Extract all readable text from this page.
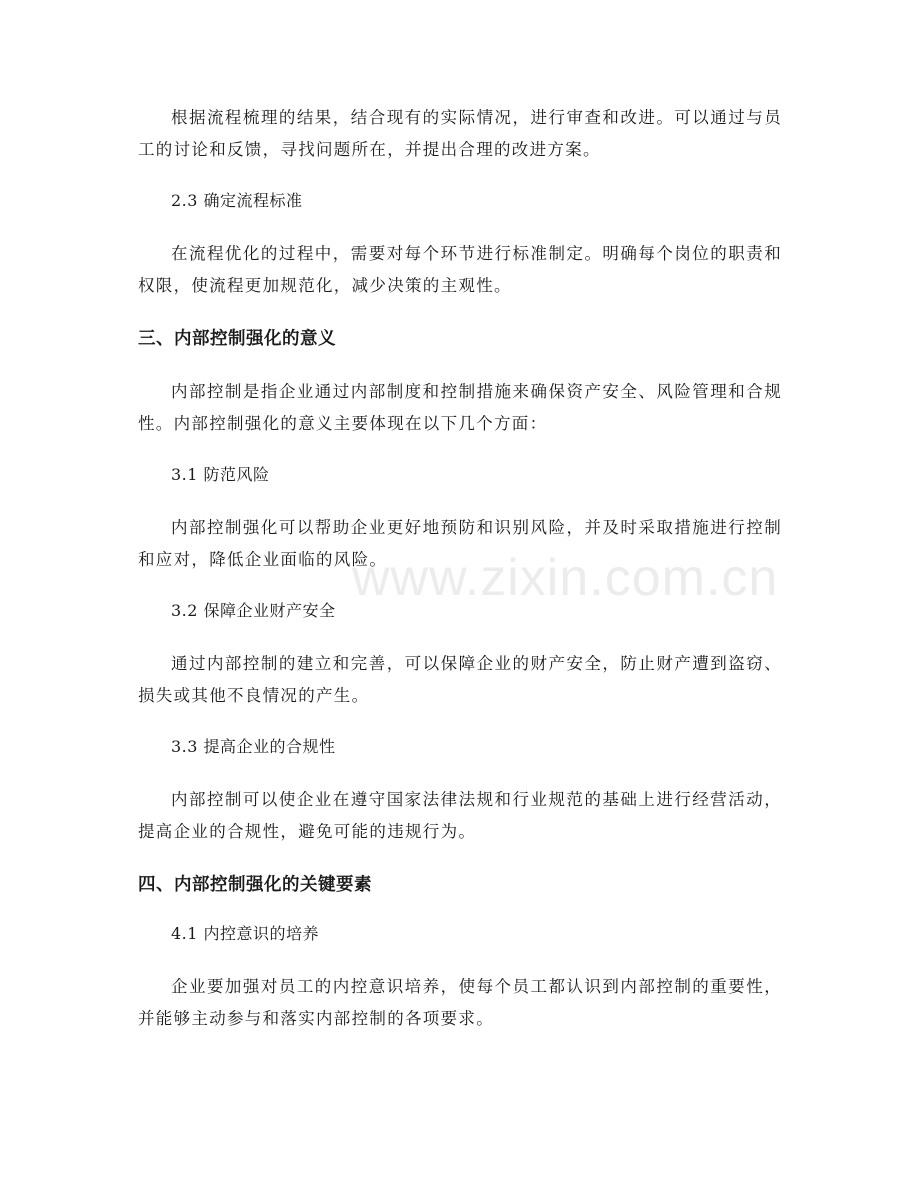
根据流程梳理的结果，结合现有的实际情况，进行审查和改进。可以通过与员工的讨论和反馈，寻找问题所在，并提出合理的改进方案。

2.3 确定流程标准

在流程优化的过程中，需要对每个环节进行标准制定。明确每个岗位的职责和权限，使流程更加规范化，减少决策的主观性。

三、内部控制强化的意义

内部控制是指企业通过内部制度和控制措施来确保资产安全、风险管理和合规性。内部控制强化的意义主要体现在以下几个方面：

3.1 防范风险

内部控制强化可以帮助企业更好地预防和识别风险，并及时采取措施进行控制和应对，降低企业面临的风险。

3.2 保障企业财产安全

通过内部控制的建立和完善，可以保障企业的财产安全，防止财产遭到盗窃、损失或其他不良情况的产生。

3.3 提高企业的合规性

内部控制可以使企业在遵守国家法律法规和行业规范的基础上进行经营活动，提高企业的合规性，避免可能的违规行为。

四、内部控制强化的关键要素
4.1 内控意识的培养

企业要加强对员工的内控意识培养，使每个员工都认识到内部控制的重要性，并能够主动参与和落实内部控制的各项要求。

www.zixin.com.cn
